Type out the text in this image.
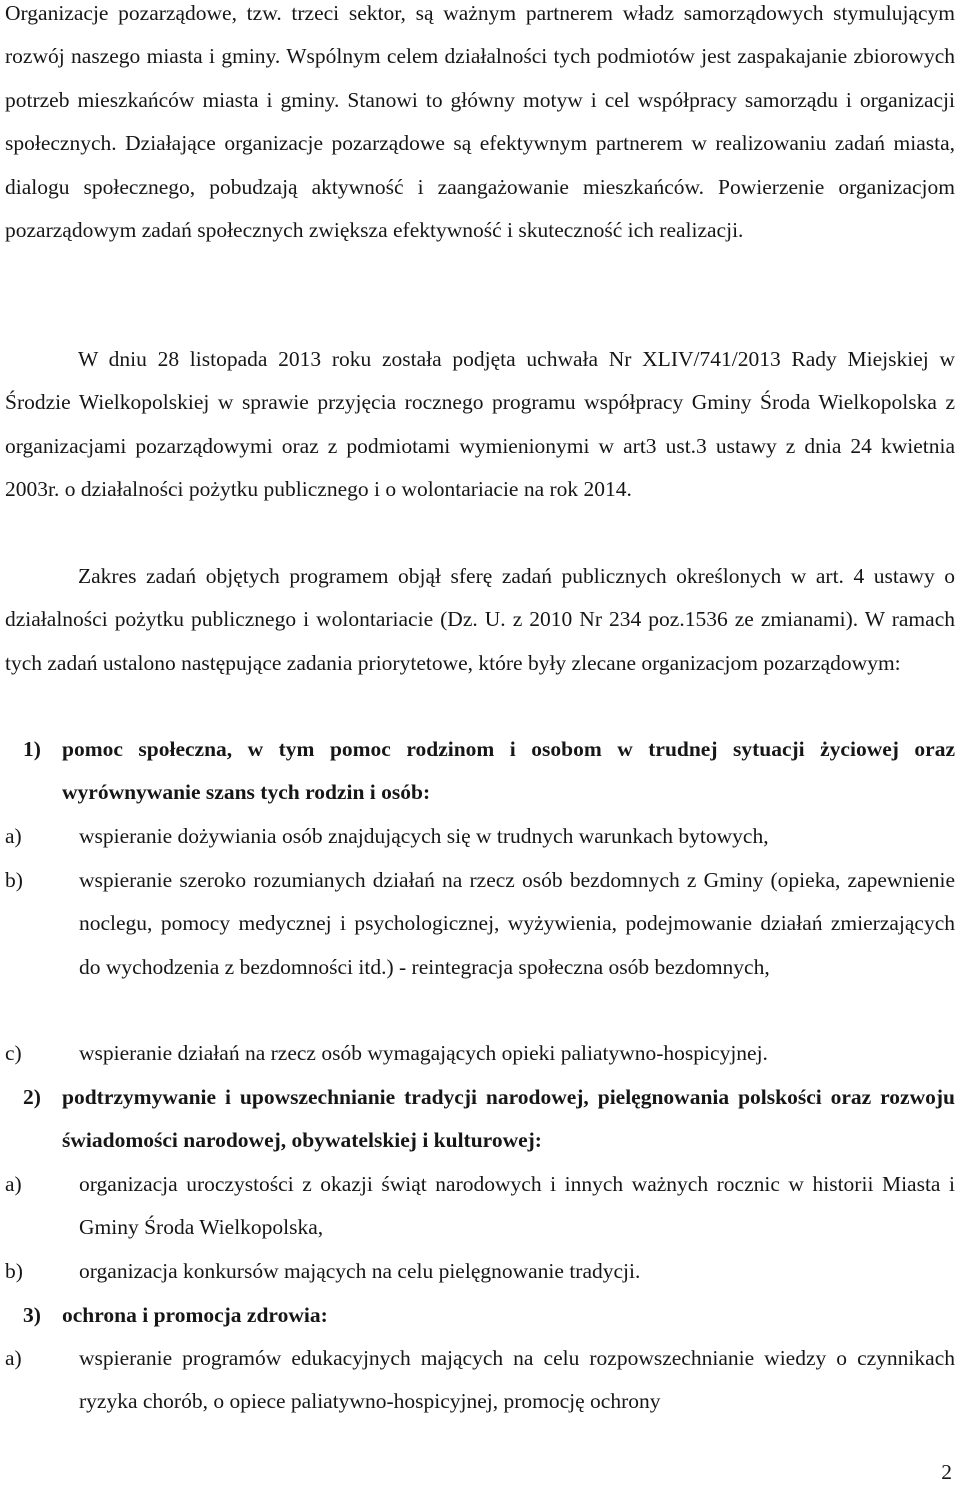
Organizacje pozarządowe, tzw. trzeci sektor, są ważnym partnerem władz samorządowych stymulującym rozwój naszego miasta i gminy. Wspólnym celem działalności tych podmiotów jest zaspakajanie zbiorowych potrzeb mieszkańców miasta i gminy. Stanowi to główny motyw i cel współpracy samorządu i organizacji społecznych. Działające organizacje pozarządowe są efektywnym partnerem w realizowaniu zadań miasta, dialogu społecznego, pobudzają aktywność i zaangażowanie mieszkańców. Powierzenie organizacjom pozarządowym zadań społecznych zwiększa efektywność i skuteczność ich realizacji.

W dniu 28 listopada 2013 roku została podjęta uchwała Nr XLIV/741/2013 Rady Miejskiej w Środzie Wielkopolskiej w sprawie przyjęcia rocznego programu współpracy Gminy Środa Wielkopolska z organizacjami pozarządowymi oraz z podmiotami wymienionymi w art3 ust.3 ustawy z dnia 24 kwietnia 2003r. o działalności pożytku publicznego i o wolontariacie na rok 2014.

Zakres zadań objętych programem objął sferę zadań publicznych określonych w art. 4 ustawy o działalności pożytku publicznego i wolontariacie (Dz. U. z 2010 Nr 234 poz.1536 ze zmianami). W ramach tych zadań ustalono następujące zadania priorytetowe, które były zlecane organizacjom pozarządowym:

1) pomoc społeczna, w tym pomoc rodzinom i osobom w trudnej sytuacji życiowej oraz wyrównywanie szans tych rodzin i osób:
a)	wspieranie dożywiania osób znajdujących się w trudnych warunkach bytowych,
b)	wspieranie szeroko rozumianych działań na rzecz osób bezdomnych z Gminy (opieka, zapewnienie noclegu, pomocy medycznej i psychologicznej, wyżywienia, podejmowanie działań zmierzających do wychodzenia z bezdomności itd.) - reintegracja społeczna osób bezdomnych,
c)	wspieranie działań na rzecz osób wymagających opieki paliatywno-hospicyjnej.
2) podtrzymywanie i upowszechnianie tradycji narodowej, pielęgnowania polskości oraz rozwoju świadomości narodowej, obywatelskiej i kulturowej:
a)	organizacja uroczystości z okazji świąt narodowych i innych ważnych rocznic w historii Miasta i Gminy Środa Wielkopolska,
b)	organizacja konkursów mających na celu pielęgnowanie tradycji.
3) ochrona i promocja zdrowia:
a)	wspieranie programów edukacyjnych mających na celu rozpowszechnianie wiedzy o czynnikach ryzyka chorób, o opiece paliatywno-hospicyjnej, promocję ochrony
2
